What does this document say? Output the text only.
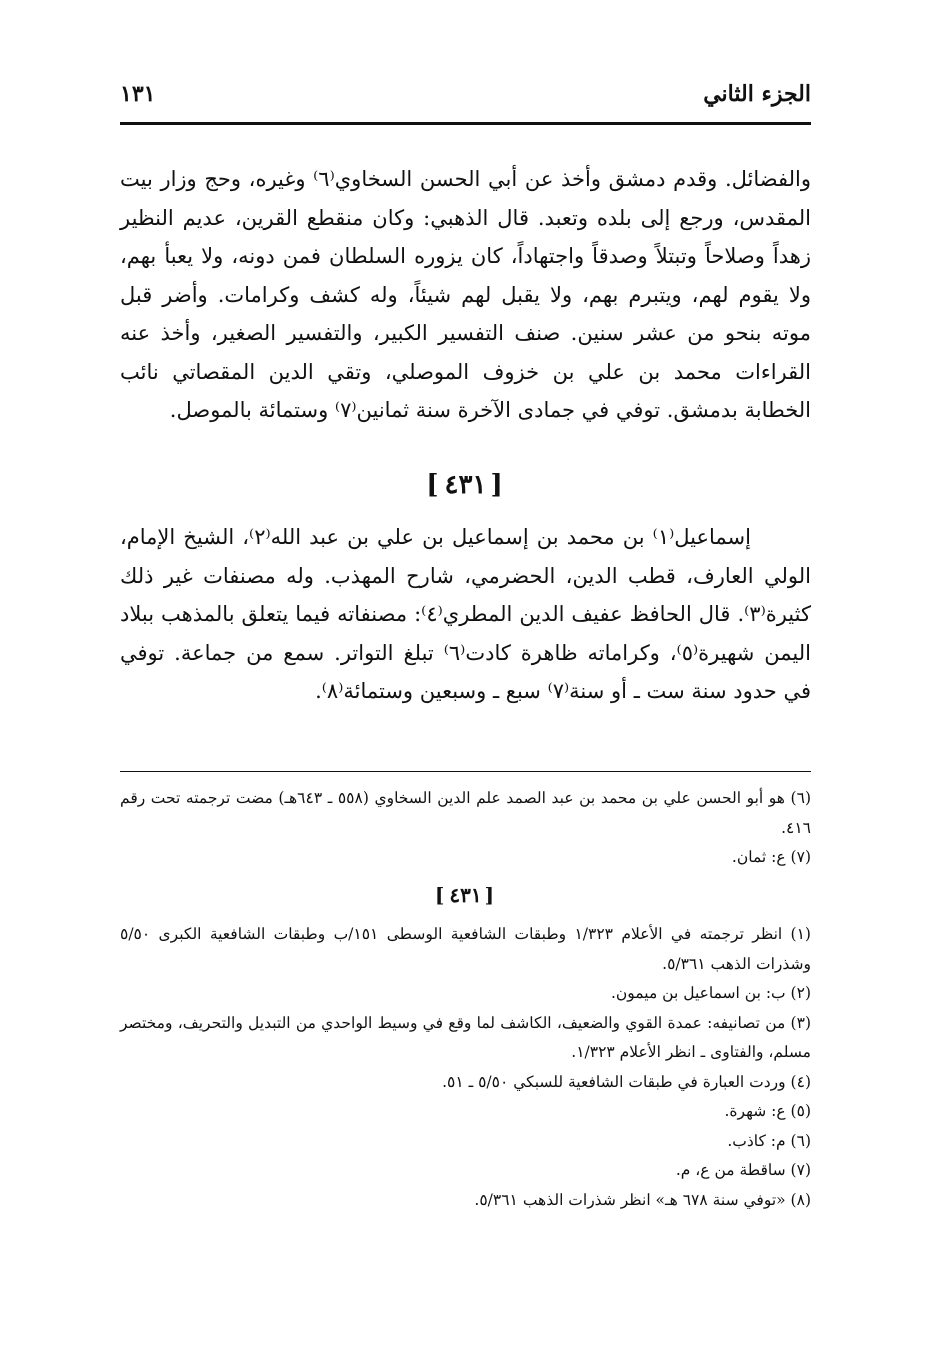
الجزء الثاني
١٣١

والفضائل. وقدم دمشق وأخذ عن أبي الحسن السخاوي⁽٦⁾ وغيره، وحج وزار بيت المقدس، ورجع إلى بلده وتعبد. قال الذهبي: وكان منقطع القرين، عديم النظير زهداً وصلاحاً وتبتلاً وصدقاً واجتهاداً، كان يزوره السلطان فمن دونه، ولا يعبأ بهم، ولا يقوم لهم، ويتبرم بهم، ولا يقبل لهم شيئاً، وله كشف وكرامات. وأضر قبل موته بنحو من عشر سنين. صنف التفسير الكبير، والتفسير الصغير، وأخذ عنه القراءات محمد بن علي بن خزوف الموصلي، وتقي الدين المقصاتي نائب الخطابة بدمشق. توفي في جمادى الآخرة سنة ثمانين⁽٧⁾ وستمائة بالموصل.

[ ٤٣١ ]

إسماعيل⁽١⁾ بن محمد بن إسماعيل بن علي بن عبد الله⁽٢⁾، الشيخ الإمام، الولي العارف، قطب الدين، الحضرمي، شارح المهذب. وله مصنفات غير ذلك كثيرة⁽٣⁾. قال الحافظ عفيف الدين المطري⁽٤⁾: مصنفاته فيما يتعلق بالمذهب ببلاد اليمن شهيرة⁽٥⁾، وكراماته ظاهرة كادت⁽٦⁾ تبلغ التواتر. سمع من جماعة. توفي في حدود سنة ست ـ أو سنة⁽٧⁾ سبع ـ وسبعين وستمائة⁽٨⁾.

(٦) هو أبو الحسن علي بن محمد بن عبد الصمد علم الدين السخاوي (٥٥٨ ـ ٦٤٣هـ) مضت ترجمته تحت رقم ٤١٦.

(٧) ع: ثمان.

[ ٤٣١ ]

(١) انظر ترجمته في الأعلام ١/٣٢٣ وطبقات الشافعية الوسطى ١٥١/ب وطبقات الشافعية الكبرى ٥/٥٠ وشذرات الذهب ٥/٣٦١.

(٢) ب: بن اسماعيل بن ميمون.

(٣) من تصانيفه: عمدة القوي والضعيف، الكاشف لما وقع في وسيط الواحدي من التبديل والتحريف، ومختصر مسلم، والفتاوى ـ انظر الأعلام ١/٣٢٣.

(٤) وردت العبارة في طبقات الشافعية للسبكي ٥/٥٠ ـ ٥١.

(٥) ع: شهرة.

(٦) م: كاذب.

(٧) ساقطة من ع، م.

(٨) «توفي سنة ٦٧٨ هـ» انظر شذرات الذهب ٥/٣٦١.
